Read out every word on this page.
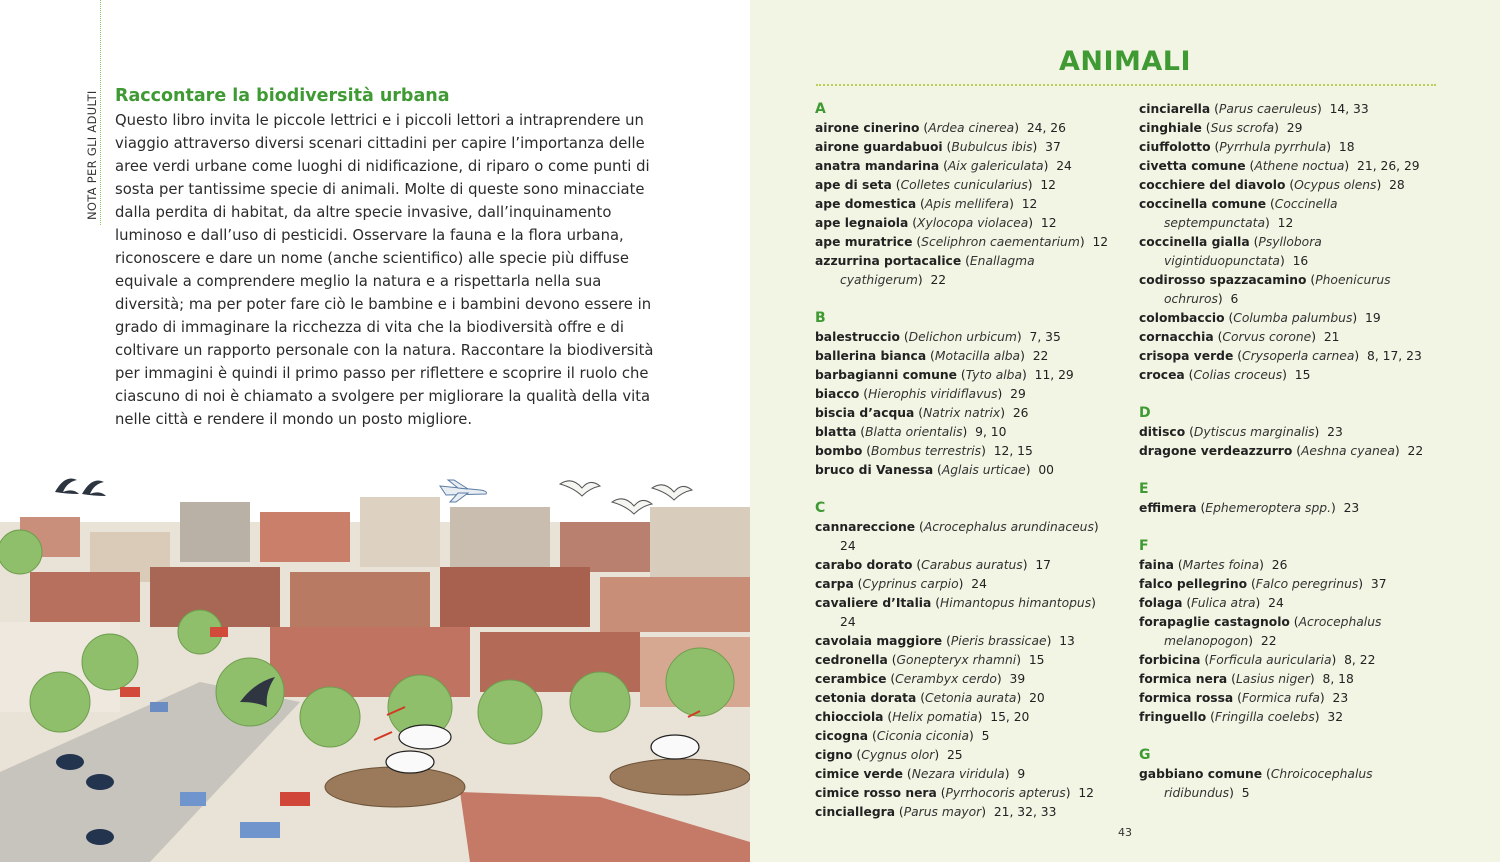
NOTA PER GLI ADULTI Raccontare la biodiversità urbana

Questo libro invita le piccole lettrici e i piccoli lettori a intraprendere un viaggio attraverso diversi scenari cittadini per capire l’importanza delle aree verdi urbane come luoghi di nidificazione, di riparo o come punti di sosta per tantissime specie di animali. Molte di queste sono minacciate dalla perdita di habitat, da altre specie invasive, dall’inquinamento luminoso e dall’uso di pesticidi. Osservare la fauna e la flora urbana, riconoscere e dare un nome (anche scientifico) alle specie più diffuse equivale a comprendere meglio la natura e a rispettarla nella sua diversità; ma per poter fare ciò le bambine e i bambini devono essere in grado di immaginare la ricchezza di vita che la biodiversità offre e di coltivare un rapporto personale con la natura. Raccontare la biodiversità per immagini è quindi il primo passo per riflettere e scoprire il ruolo che ciascuno di noi è chiamato a svolgere per migliorare la qualità della vita nelle città e rendere il mondo un posto migliore.

ANIMALI
A
airone cinerino (Ardea cinerea)  24, 26
airone guardabuoi (Bubulcus ibis)  37
anatra mandarina (Aix galericulata)  24
ape di seta (Colletes cunicularius)  12
ape domestica (Apis mellifera)  12
ape legnaiola (Xylocopa violacea)  12
ape muratrice (Sceliphron caementarium)  12
azzurrina portacalice (Enallagma cyathigerum)  22
B
balestruccio (Delichon urbicum)  7, 35
ballerina bianca (Motacilla alba)  22
barbagianni comune (Tyto alba)  11, 29
biacco (Hierophis viridiflavus)  29
biscia d’acqua (Natrix natrix)  26
blatta (Blatta orientalis)  9, 10
bombo (Bombus terrestris)  12, 15
bruco di Vanessa (Aglais urticae)  00
C
cannareccione (Acrocephalus arundinaceus)  24
carabo dorato (Carabus auratus)  17
carpa (Cyprinus carpio)  24
cavaliere d’Italia (Himantopus himantopus)  24
cavolaia maggiore (Pieris brassicae)  13
cedronella (Gonepteryx rhamni)  15
cerambice (Cerambyx cerdo)  39
cetonia dorata (Cetonia aurata)  20
chiocciola (Helix pomatia)  15, 20
cicogna (Ciconia ciconia)  5
cigno (Cygnus olor)  25
cimice verde (Nezara viridula)  9
cimice rosso nera (Pyrrhocoris apterus)  12
cinciallegra (Parus mayor)  21, 32, 33
cinciarella (Parus caeruleus)  14, 33
cinghiale (Sus scrofa)  29
ciuffolotto (Pyrrhula pyrrhula)  18
civetta comune (Athene noctua)  21, 26, 29
cocchiere del diavolo (Ocypus olens)  28
coccinella comune (Coccinella septempunctata)  12
coccinella gialla (Psyllobora vigintiduopunctata)  16
codirosso spazzacamino (Phoenicurus ochruros)  6
colombaccio (Columba palumbus)  19
cornacchia (Corvus corone)  21
crisopa verde (Crysoperla carnea)  8, 17, 23
crocea (Colias croceus)  15
D
ditisco (Dytiscus marginalis)  23
dragone verdeazzurro (Aeshna cyanea)  22
E
effimera (Ephemeroptera spp.)  23
F
faina (Martes foina)  26
falco pellegrino (Falco peregrinus)  37
folaga (Fulica atra)  24
forapaglie castagnolo (Acrocephalus melanopogon)  22
forbicina (Forficula auricularia)  8, 22
formica nera (Lasius niger)  8, 18
formica rossa (Formica rufa)  23
fringuello (Fringilla coelebs)  32
G
gabbiano comune (Chroicocephalus ridibundus)  5
43
